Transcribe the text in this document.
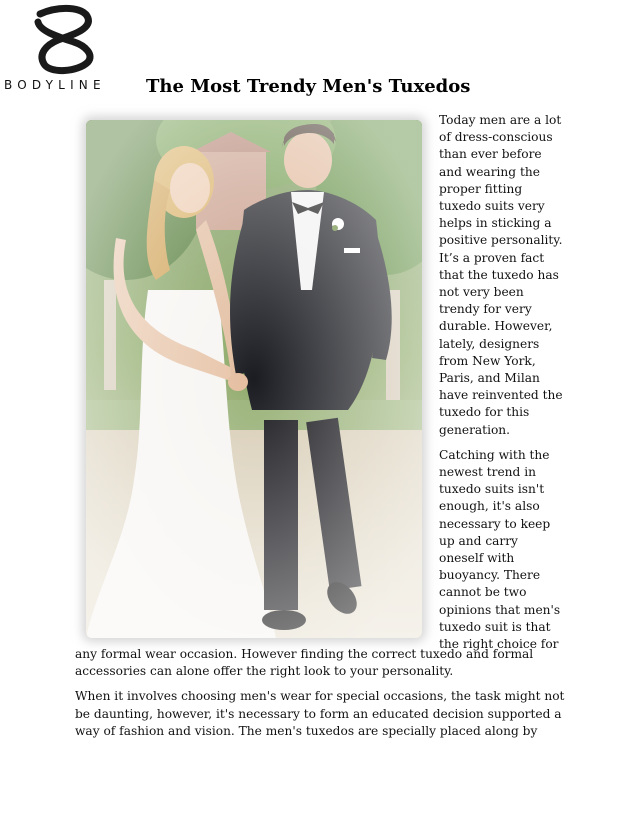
BODYLINE The Most Trendy Men's Tuxedos

Today men are a lot of dress-conscious than ever before and wearing the proper fitting tuxedo suits very helps in sticking a positive personality. It’s a proven fact that the tuxedo has not very been trendy for very durable. However, lately, designers from New York, Paris, and Milan have reinvented the tuxedo for this generation.

Catching with the newest trend in tuxedo suits isn't enough, it's also necessary to keep up and carry oneself with buoyancy. There cannot be two opinions that men's tuxedo suit is that the right choice for

any formal wear occasion. However finding the correct tuxedo and formal accessories can alone offer the right look to your personality.

When it involves choosing men's wear for special occasions, the task might not be daunting, however, it's necessary to form an educated decision supported a way of fashion and vision. The men's tuxedos are specially placed along by
